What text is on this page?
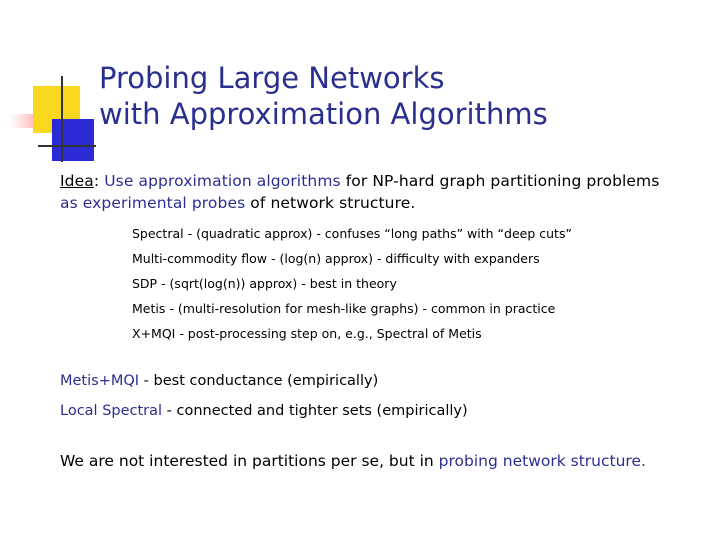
Probing Large Networks
with Approximation Algorithms
Idea: Use approximation algorithms for NP-hard graph partitioning problems
as experimental probes of network structure.
Spectral - (quadratic approx) - confuses “long paths” with “deep cuts”
Multi-commodity flow - (log(n) approx) - difficulty with expanders
SDP - (sqrt(log(n)) approx) - best in theory
Metis - (multi-resolution for mesh-like graphs) - common in practice
X+MQI - post-processing step on, e.g., Spectral of Metis
Metis+MQI - best conductance (empirically)
Local Spectral - connected and tighter sets (empirically)
We are not interested in partitions per se, but in probing network structure.
